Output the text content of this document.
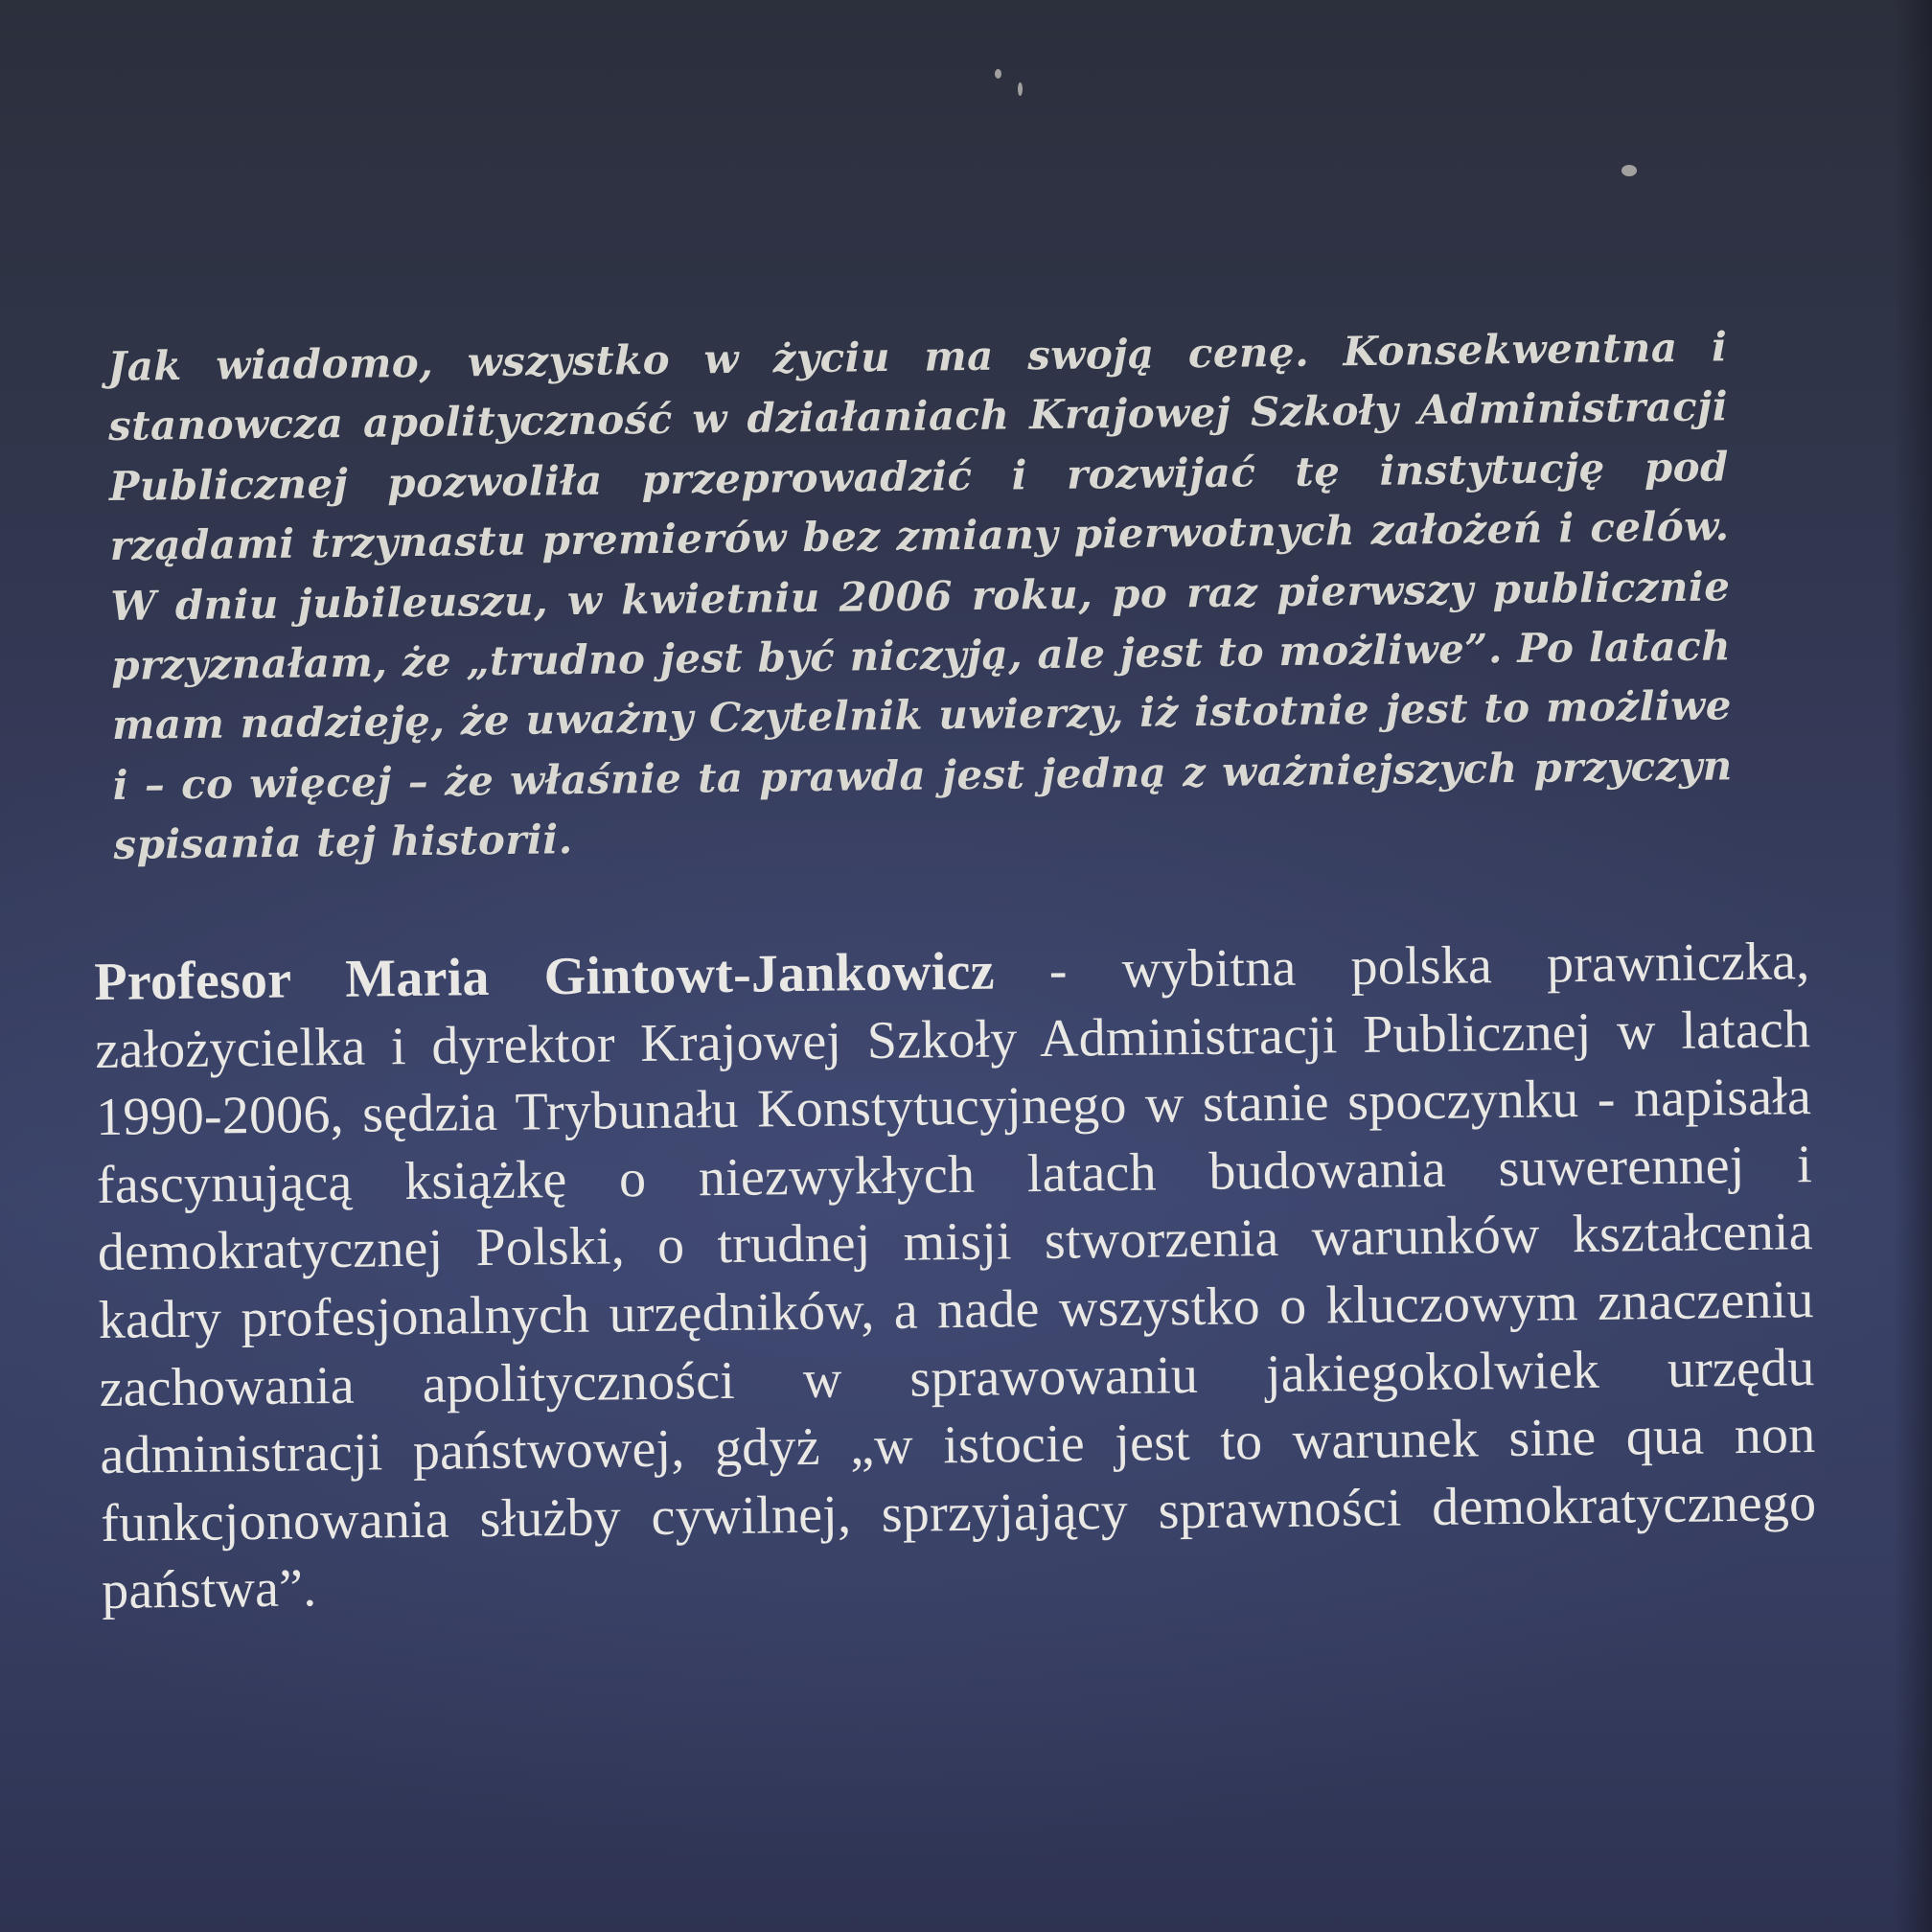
Jak wiadomo, wszystko w życiu ma swoją cenę. Konsekwentna i stanowcza apolityczność w działaniach Krajowej Szkoły Administracji Publicznej pozwoliła przeprowadzić i rozwijać tę instytucję pod rządami trzynastu premierów bez zmiany pierwotnych założeń i celów. W dniu jubileuszu, w kwietniu 2006 roku, po raz pierwszy publicznie przyznałam, że „trudno jest być niczyją, ale jest to możliwe”. Po latach mam nadzieję, że uważny Czytelnik uwierzy, iż istotnie jest to możliwe i – co więcej – że właśnie ta prawda jest jedną z ważniejszych przyczyn spisania tej historii.

Profesor Maria Gintowt-Jankowicz - wybitna polska prawniczka, założycielka i dyrektor Krajowej Szkoły Administracji Publicznej w latach 1990-2006, sędzia Trybunału Konstytucyjnego w stanie spoczynku - napisała fascynującą książkę o niezwykłych latach budowania suwerennej i demokratycznej Polski, o trudnej misji stworzenia warunków kształcenia kadry profesjonalnych urzędników, a nade wszystko o kluczowym znaczeniu zachowania apolityczności w sprawowaniu jakiegokolwiek urzędu administracji państwowej, gdyż „w istocie jest to warunek sine qua non funkcjonowania służby cywilnej, sprzyjający sprawności demokratycznego państwa”.
